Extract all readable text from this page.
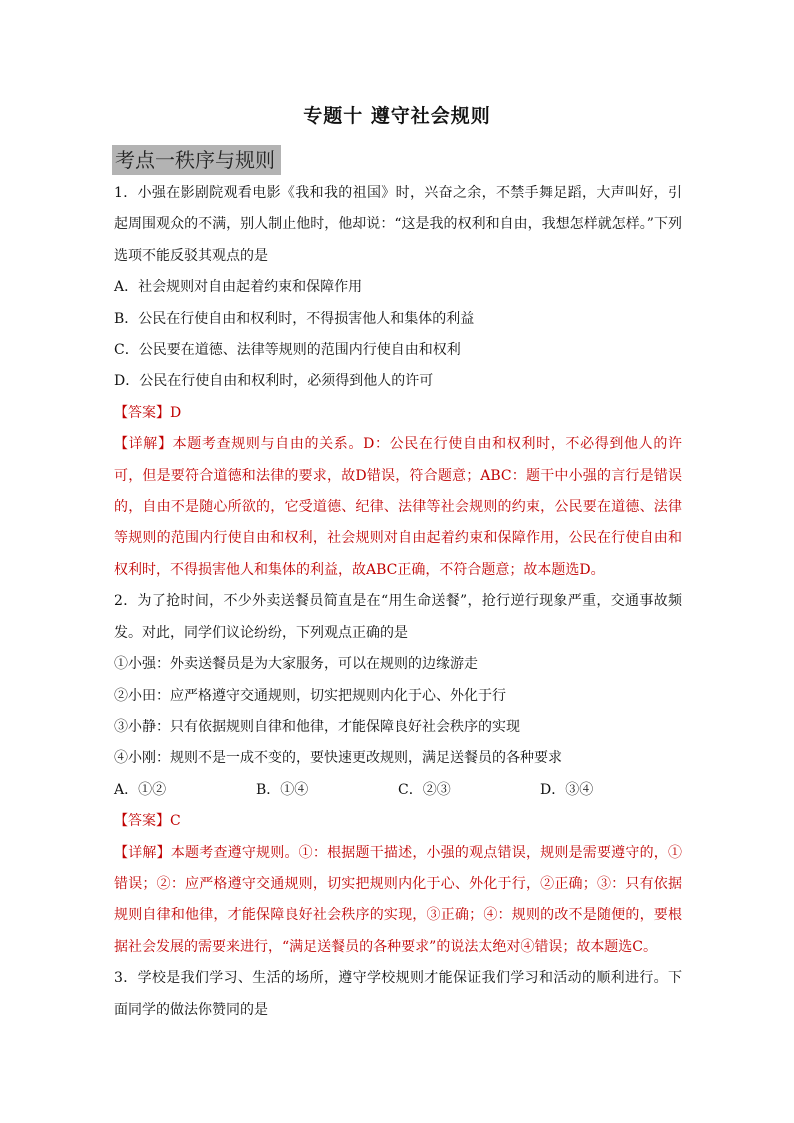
专题十 遵守社会规则
考点一秩序与规则

1．小强在影剧院观看电影《我和我的祖国》时，兴奋之余，不禁手舞足蹈，大声叫好，引起周围观众的不满，别人制止他时，他却说：“这是我的权利和自由，我想怎样就怎样。”下列选项不能反驳其观点的是

A．社会规则对自由起着约束和保障作用

B．公民在行使自由和权利时，不得损害他人和集体的利益

C．公民要在道德、法律等规则的范围内行使自由和权利

D．公民在行使自由和权利时，必须得到他人的许可

【答案】D

【详解】本题考查规则与自由的关系。D：公民在行使自由和权利时，不必得到他人的许可，但是要符合道德和法律的要求，故D错误，符合题意；ABC：题干中小强的言行是错误的，自由不是随心所欲的，它受道德、纪律、法律等社会规则的约束，公民要在道德、法律等规则的范围内行使自由和权利，社会规则对自由起着约束和保障作用，公民在行使自由和权利时，不得损害他人和集体的利益，故ABC正确，不符合题意；故本题选D。

2．为了抢时间，不少外卖送餐员简直是在“用生命送餐”，抢行逆行现象严重，交通事故频发。对此，同学们议论纷纷，下列观点正确的是

①小强：外卖送餐员是为大家服务，可以在规则的边缘游走

②小田：应严格遵守交通规则，切实把规则内化于心、外化于行

③小静：只有依据规则自律和他律，才能保障良好社会秩序的实现

④小刚：规则不是一成不变的，要快速更改规则，满足送餐员的各种要求

A．①②	B．①④	C．②③	D．③④

【答案】C

【详解】本题考查遵守规则。①：根据题干描述，小强的观点错误，规则是需要遵守的，①错误；②：应严格遵守交通规则，切实把规则内化于心、外化于行，②正确；③：只有依据规则自律和他律，才能保障良好社会秩序的实现，③正确；④：规则的改不是随便的，要根据社会发展的需要来进行，“满足送餐员的各种要求”的说法太绝对④错误；故本题选C。

3．学校是我们学习、生活的场所，遵守学校规则才能保证我们学习和活动的顺利进行。下面同学的做法你赞同的是
